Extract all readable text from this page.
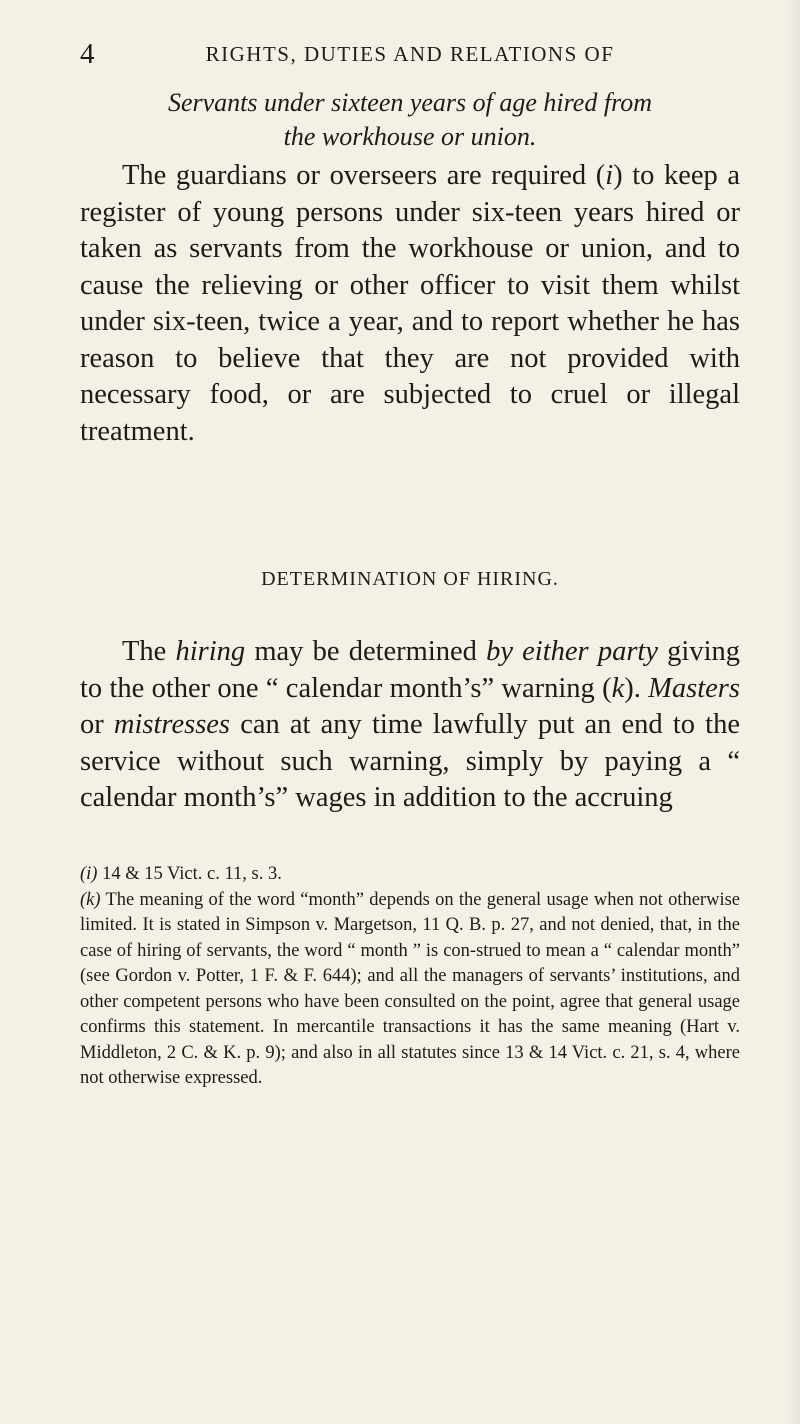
4	RIGHTS, DUTIES AND RELATIONS OF
Servants under sixteen years of age hired from
the workhouse or union.
The guardians or overseers are required (i) to keep a register of young persons under six-teen years hired or taken as servants from the workhouse or union, and to cause the relieving or other officer to visit them whilst under six-teen, twice a year, and to report whether he has reason to believe that they are not provided with necessary food, or are subjected to cruel or illegal treatment.
DETERMINATION OF HIRING.
The hiring may be determined by either party giving to the other one “ calendar month’s” warning (k). Masters or mistresses can at any time lawfully put an end to the service without such warning, simply by paying a “ calendar month’s” wages in addition to the accruing

(i) 14 & 15 Vict. c. 11, s. 3.

(k) The meaning of the word “month” depends on the general usage when not otherwise limited. It is stated in Simpson v. Margetson, 11 Q. B. p. 27, and not denied, that, in the case of hiring of servants, the word “ month ” is con-strued to mean a “ calendar month” (see Gordon v. Potter, 1 F. & F. 644); and all the managers of servants’ institutions, and other competent persons who have been consulted on the point, agree that general usage confirms this statement. In mercantile transactions it has the same meaning (Hart v. Middleton, 2 C. & K. p. 9); and also in all statutes since 13 & 14 Vict. c. 21, s. 4, where not otherwise expressed.
